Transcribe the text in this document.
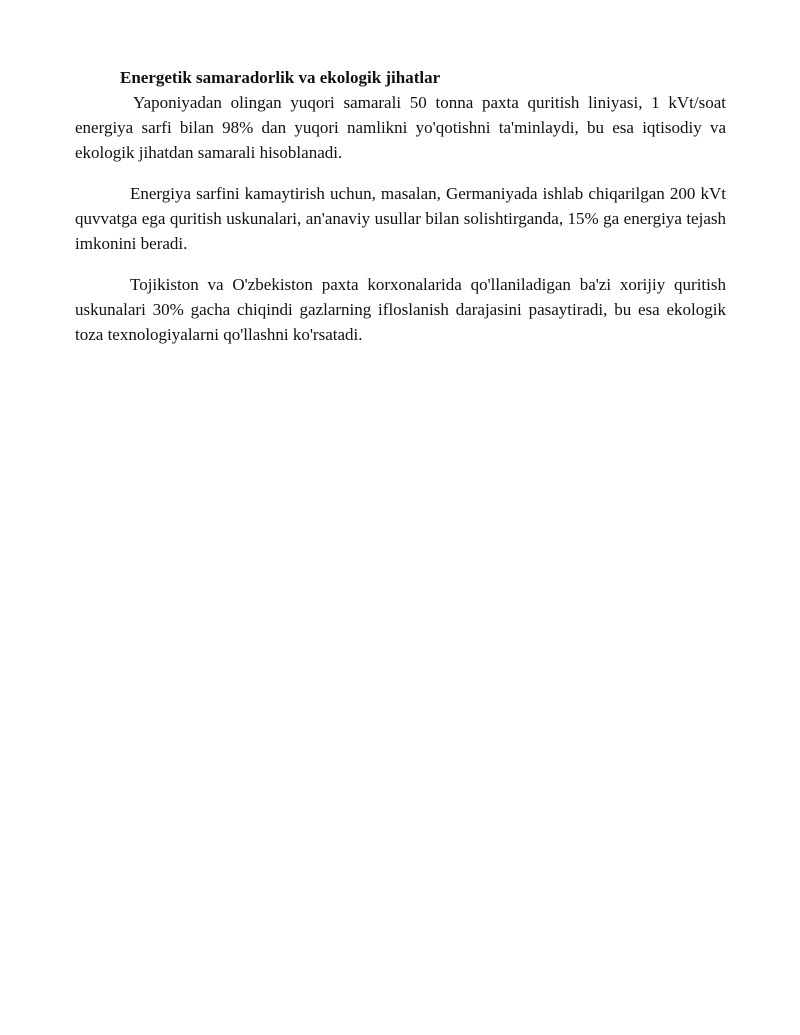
Energetik samaradorlik va ekologik jihatlar

Yaponiyadan olingan yuqori samarali 50 tonna paxta quritish liniyasi, 1 kVt/soat energiya sarfi bilan 98% dan yuqori namlikni yo'qotishni ta'minlaydi, bu esa iqtisodiy va ekologik jihatdan samarali hisoblanadi.

Energiya sarfini kamaytirish uchun, masalan, Germaniyada ishlab chiqarilgan 200 kVt quvvatga ega quritish uskunalari, an'anaviy usullar bilan solishtirganda, 15% ga energiya tejash imkonini beradi.

Tojikiston va O'zbekiston paxta korxonalarida qo'llaniladigan ba'zi xorijiy quritish uskunalari 30% gacha chiqindi gazlarning ifloslanish darajasini pasaytiradi, bu esa ekologik toza texnologiyalarni qo'llashni ko'rsatadi.
